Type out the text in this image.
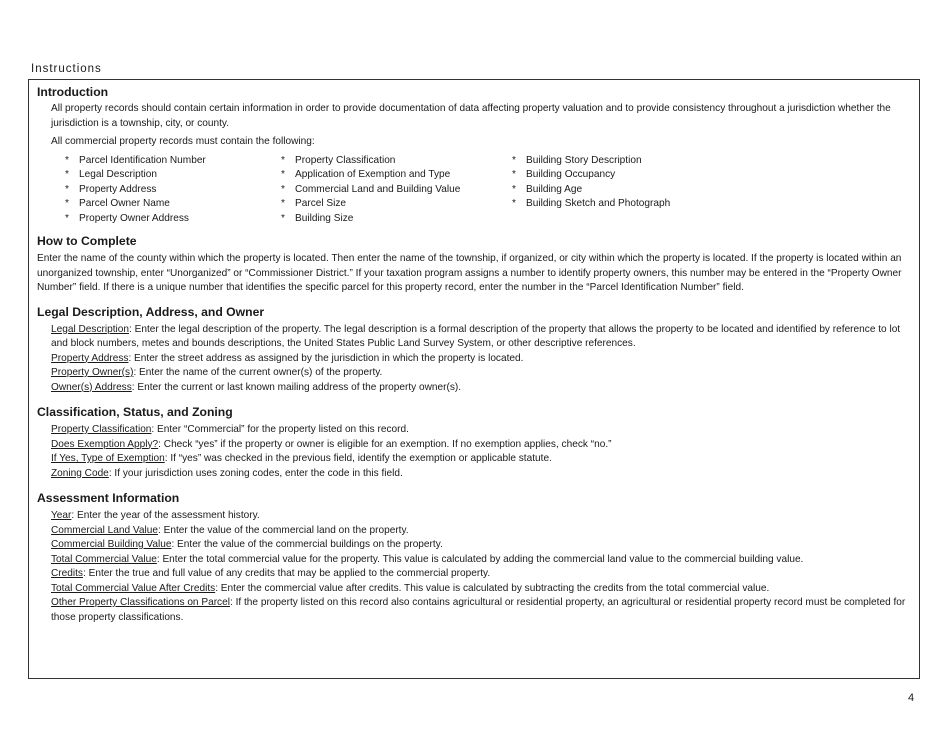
Instructions
Introduction

All property records should contain certain information in order to provide documentation of data affecting property valuation and to provide consistency throughout a jurisdiction whether the jurisdiction is a township, city, or county.

All commercial property records must contain the following:

* Parcel Identification Number
* Legal Description
* Property Address
* Parcel Owner Name
* Property Owner Address
* Property Classification
* Application of Exemption and Type
* Commercial Land and Building Value
* Parcel Size
* Building Size
* Building Story Description
* Building Occupancy
* Building Age
* Building Sketch and Photograph
How to Complete

Enter the name of the county within which the property is located. Then enter the name of the township, if organized, or city within which the property is located. If the property is located within an unorganized township, enter “Unorganized” or “Commissioner District.” If your taxation program assigns a number to identify property owners, this number may be entered in the “Property Owner Number” field. If there is a unique number that identifies the specific parcel for this property record, enter the number in the “Parcel Identification Number” field.

Legal Description, Address, and Owner

Legal Description: Enter the legal description of the property. The legal description is a formal description of the property that allows the property to be located and identified by reference to lot and block numbers, metes and bounds descriptions, the United States Public Land Survey System, or other descriptive references.

Property Address: Enter the street address as assigned by the jurisdiction in which the property is located.

Property Owner(s): Enter the name of the current owner(s) of the property.

Owner(s) Address: Enter the current or last known mailing address of the property owner(s).

Classification, Status, and Zoning

Property Classification: Enter “Commercial” for the property listed on this record.

Does Exemption Apply?: Check “yes” if the property or owner is eligible for an exemption. If no exemption applies, check “no.”

If Yes, Type of Exemption: If “yes” was checked in the previous field, identify the exemption or applicable statute.

Zoning Code: If your jurisdiction uses zoning codes, enter the code in this field.

Assessment Information

Year: Enter the year of the assessment history.

Commercial Land Value: Enter the value of the commercial land on the property.

Commercial Building Value: Enter the value of the commercial buildings on the property.

Total Commercial Value: Enter the total commercial value for the property. This value is calculated by adding the commercial land value to the commercial building value.

Credits: Enter the true and full value of any credits that may be applied to the commercial property.

Total Commercial Value After Credits: Enter the commercial value after credits. This value is calculated by subtracting the credits from the total commercial value.

Other Property Classifications on Parcel: If the property listed on this record also contains agricultural or residential property, an agricultural or residential property record must be completed for those property classifications.

4
